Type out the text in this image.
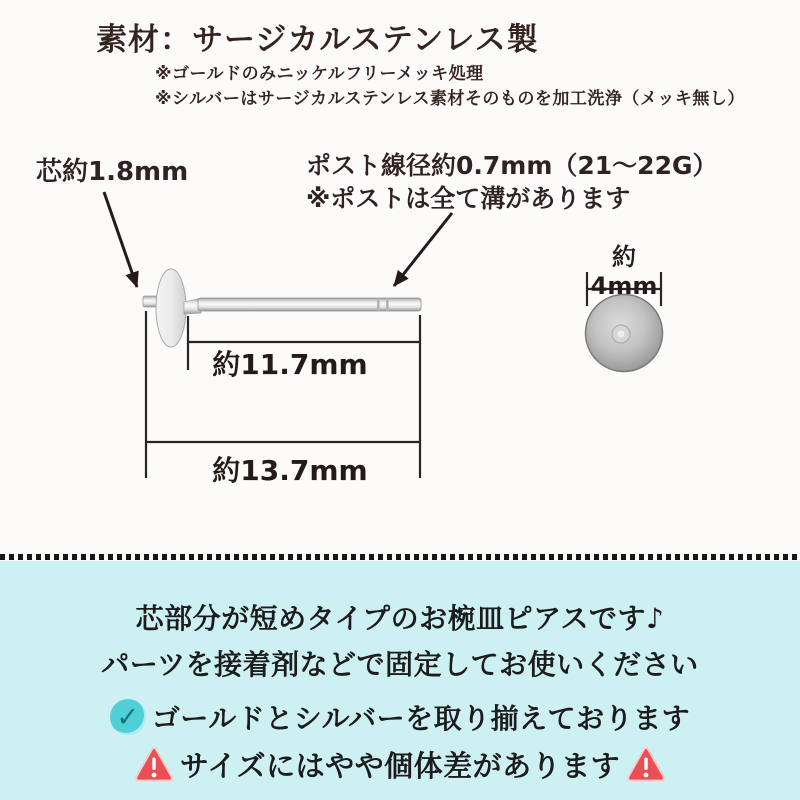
素材：サージカルステンレス製
※ゴールドのみニッケルフリーメッキ処理
※シルバーはサージカルステンレス素材そのものを加工洗浄（メッキ無し）
芯約1.8mm	ポスト線径約0.7mm（21〜22G）
※ポストは全て溝があります
約11.7mm
約13.7mm
約4mm
芯部分が短めタイプのお椀皿ピアスです♪
パーツを接着剤などで固定してお使いください
✓ ゴールドとシルバーを取り揃えております
サイズにはやや個体差があります
